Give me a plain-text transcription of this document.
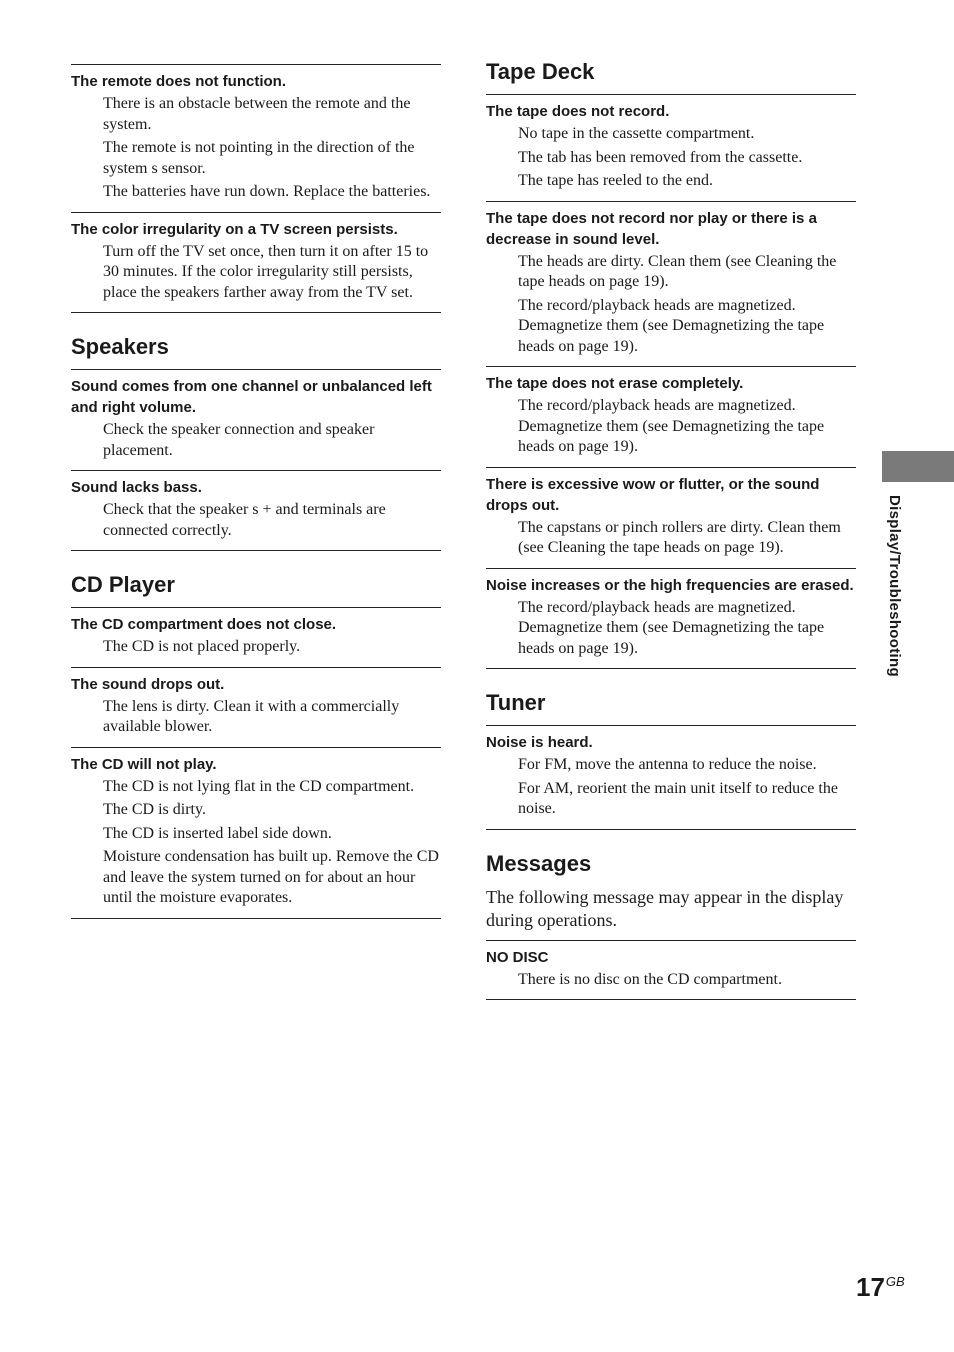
The remote does not function.
There is an obstacle between the remote and the system.
The remote is not pointing in the direction of the system s sensor.
The batteries have run down. Replace the batteries.
The color irregularity on a TV screen persists.
Turn off the TV set once, then turn it on after 15 to 30 minutes. If the color irregularity still persists, place the speakers farther away from the TV set.
Speakers
Sound comes from one channel or unbalanced left and right volume.
Check the speaker connection and speaker placement.
Sound lacks bass.
Check that the speaker s + and terminals are connected correctly.
CD Player
The CD compartment does not close.
The CD is not placed properly.
The sound drops out.
The lens is dirty. Clean it with a commercially available blower.
The CD will not play.
The CD is not lying flat in the CD compartment.
The CD is dirty.
The CD is inserted label side down.
Moisture condensation has built up. Remove the CD and leave the system turned on for about an hour until the moisture evaporates.
Tape Deck
The tape does not record.
No tape in the cassette compartment.
The tab has been removed from the cassette.
The tape has reeled to the end.
The tape does not record nor play or there is a decrease in sound level.
The heads are dirty. Clean them (see Cleaning the tape heads on page 19).
The record/playback heads are magnetized. Demagnetize them (see Demagnetizing the tape heads on page 19).
The tape does not erase completely.
The record/playback heads are magnetized. Demagnetize them (see Demagnetizing the tape heads on page 19).
There is excessive wow or flutter, or the sound drops out.
The capstans or pinch rollers are dirty. Clean them (see Cleaning the tape heads on page 19).
Noise increases or the high frequencies are erased.
The record/playback heads are magnetized. Demagnetize them (see Demagnetizing the tape heads on page 19).
Tuner
Noise is heard.
For FM, move the antenna to reduce the noise.
For AM, reorient the main unit itself to reduce the noise.
Messages

The following message may appear in the display during operations.

NO DISC
There is no disc on the CD compartment.
Display/Troubleshooting
$17^{GB}$
